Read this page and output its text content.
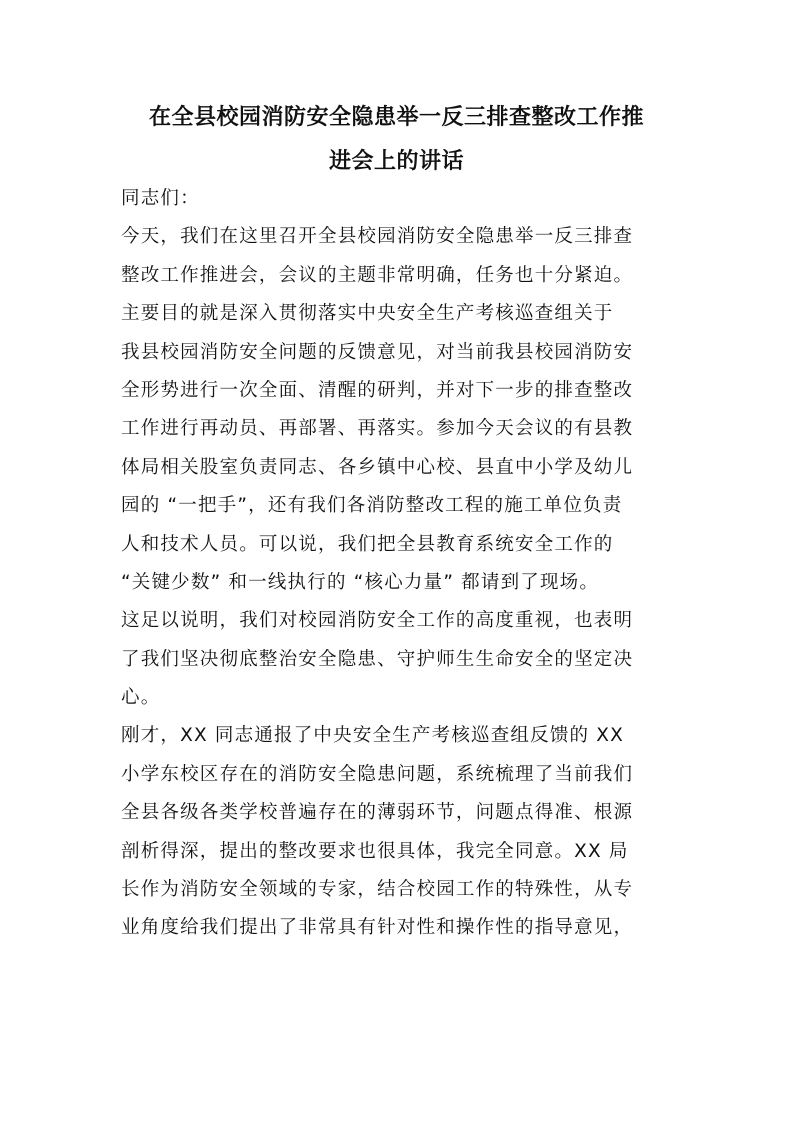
在全县校园消防安全隐患举一反三排查整改工作推
进会上的讲话
同志们：
今天，我们在这里召开全县校园消防安全隐患举一反三排查
整改工作推进会，会议的主题非常明确，任务也十分紧迫。
主要目的就是深入贯彻落实中央安全生产考核巡查组关于
我县校园消防安全问题的反馈意见，对当前我县校园消防安
全形势进行一次全面、清醒的研判，并对下一步的排查整改
工作进行再动员、再部署、再落实。参加今天会议的有县教
体局相关股室负责同志、各乡镇中心校、县直中小学及幼儿
园的 “一把手”，还有我们各消防整改工程的施工单位负责
人和技术人员。可以说，我们把全县教育系统安全工作的
“关键少数” 和一线执行的 “核心力量” 都请到了现场。
这足以说明，我们对校园消防安全工作的高度重视，也表明
了我们坚决彻底整治安全隐患、守护师生生命安全的坚定决
心。
刚才，XX 同志通报了中央安全生产考核巡查组反馈的 XX
小学东校区存在的消防安全隐患问题，系统梳理了当前我们
全县各级各类学校普遍存在的薄弱环节，问题点得准、根源
剖析得深，提出的整改要求也很具体，我完全同意。XX 局
长作为消防安全领域的专家，结合校园工作的特殊性，从专
业角度给我们提出了非常具有针对性和操作性的指导意见，
